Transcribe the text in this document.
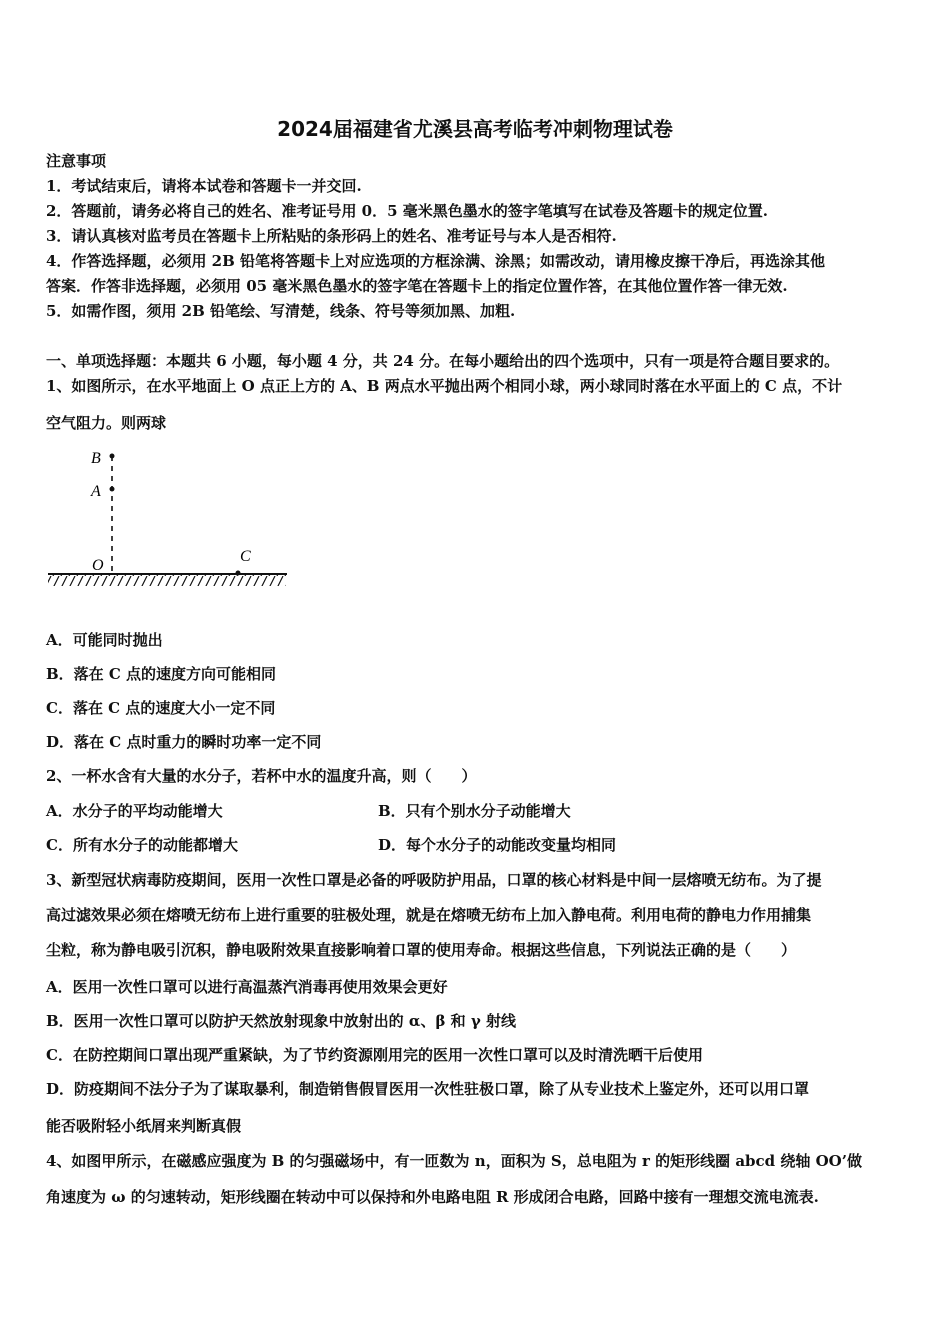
2024届福建省尤溪县高考临考冲刺物理试卷
注意事项
1．考试结束后，请将本试卷和答题卡一并交回.
2．答题前，请务必将自己的姓名、准考证号用 0．5 毫米黑色墨水的签字笔填写在试卷及答题卡的规定位置.
3．请认真核对监考员在答题卡上所粘贴的条形码上的姓名、准考证号与本人是否相符.
4．作答选择题，必须用 2B 铅笔将答题卡上对应选项的方框涂满、涂黑；如需改动，请用橡皮擦干净后，再选涂其他
答案．作答非选择题，必须用 05 毫米黑色墨水的签字笔在答题卡上的指定位置作答，在其他位置作答一律无效.
5．如需作图，须用 2B 铅笔绘、写清楚，线条、符号等须加黑、加粗.
一、单项选择题：本题共 6 小题，每小题 4 分，共 24 分。在每小题给出的四个选项中，只有一项是符合题目要求的。
1、如图所示，在水平地面上 O 点正上方的 A、B 两点水平抛出两个相同小球，两小球同时落在水平面上的 C 点，不计
空气阻力。则两球
B
A
O
C
A．可能同时抛出
B．落在 C 点的速度方向可能相同
C．落在 C 点的速度大小一定不同
D．落在 C 点时重力的瞬时功率一定不同
2、一杯水含有大量的水分子，若杯中水的温度升高，则（　　）
A．水分子的平均动能增大	B．只有个别水分子动能增大
C．所有水分子的动能都增大	D．每个水分子的动能改变量均相同
3、新型冠状病毒防疫期间，医用一次性口罩是必备的呼吸防护用品，口罩的核心材料是中间一层熔喷无纺布。为了提
高过滤效果必须在熔喷无纺布上进行重要的驻极处理，就是在熔喷无纺布上加入静电荷。利用电荷的静电力作用捕集
尘粒，称为静电吸引沉积，静电吸附效果直接影响着口罩的使用寿命。根据这些信息，下列说法正确的是（　　）
A．医用一次性口罩可以进行高温蒸汽消毒再使用效果会更好
B．医用一次性口罩可以防护天然放射现象中放射出的 α、β 和 γ 射线
C．在防控期间口罩出现严重紧缺，为了节约资源刚用完的医用一次性口罩可以及时清洗晒干后使用
D．防疫期间不法分子为了谋取暴利，制造销售假冒医用一次性驻极口罩，除了从专业技术上鉴定外，还可以用口罩
能否吸附轻小纸屑来判断真假
4、如图甲所示，在磁感应强度为 B 的匀强磁场中，有一匝数为 n，面积为 S，总电阻为 r 的矩形线圈 abcd 绕轴 OO’做
角速度为 ω 的匀速转动，矩形线圈在转动中可以保持和外电路电阻 R 形成闭合电路，回路中接有一理想交流电流表.
